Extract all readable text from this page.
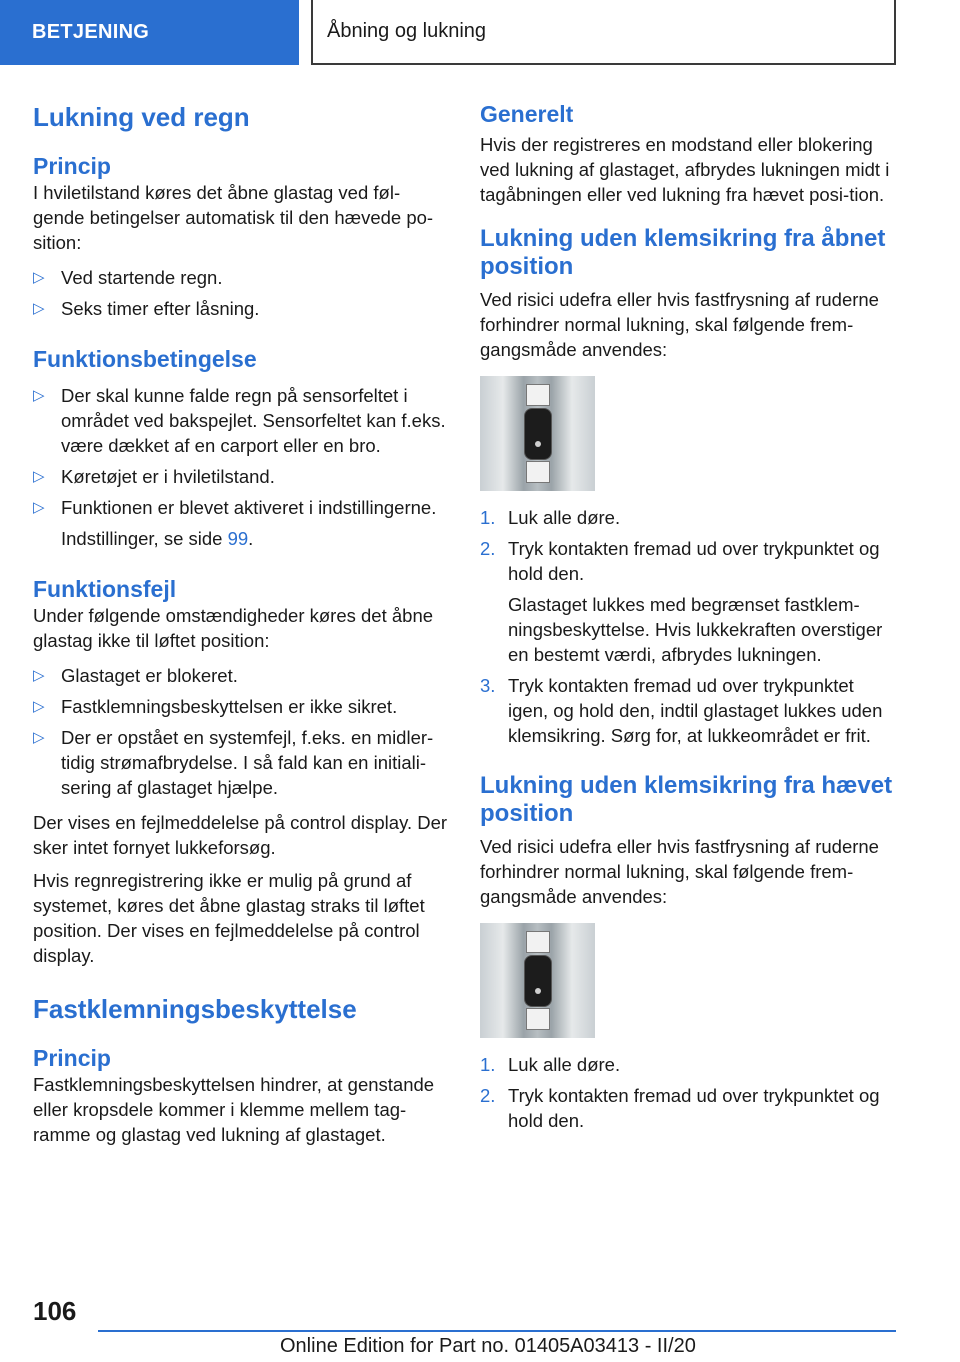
BETJENING	Åbning og lukning
Lukning ved regn
Princip

I hviletilstand køres det åbne glastag ved føl-gende betingelser automatisk til den hævede po-sition:

▷ Ved startende regn.
▷ Seks timer efter låsning.
Funktionsbetingelse
▷ Der skal kunne falde regn på sensorfeltet i området ved bakspejlet. Sensorfeltet kan f.eks. være dækket af en carport eller en bro.
▷ Køretøjet er i hviletilstand.
▷ Funktionen er blevet aktiveret i indstillingerne.
Indstillinger, se side 99.
Funktionsfejl

Under følgende omstændigheder køres det åbne glastag ikke til løftet position:

▷ Glastaget er blokeret.
▷ Fastklemningsbeskyttelsen er ikke sikret.
▷ Der er opstået en systemfejl, f.eks. en midler-tidig strømafbrydelse. I så fald kan en initiali-sering af glastaget hjælpe.

Der vises en fejlmeddelelse på control display. Der sker intet fornyet lukkeforsøg.

Hvis regnregistrering ikke er mulig på grund af systemet, køres det åbne glastag straks til løftet position. Der vises en fejlmeddelelse på control display.

Fastklemningsbeskyttelse
Princip

Fastklemningsbeskyttelsen hindrer, at genstande eller kropsdele kommer i klemme mellem tag-ramme og glastag ved lukning af glastaget.

Generelt

Hvis der registreres en modstand eller blokering ved lukning af glastaget, afbrydes lukningen midt i tagåbningen eller ved lukning fra hævet posi-tion.

Lukning uden klemsikring fra åbnet position

Ved risici udefra eller hvis fastfrysning af ruderne forhindrer normal lukning, skal følgende frem-gangsmåde anvendes:

1. Luk alle døre.
2. Tryk kontakten fremad ud over trykpunktet og hold den.
Glastaget lukkes med begrænset fastklem-ningsbeskyttelse. Hvis lukkekraften overstiger en bestemt værdi, afbrydes lukningen.
3. Tryk kontakten fremad ud over trykpunktet igen, og hold den, indtil glastaget lukkes uden klemsikring. Sørg for, at lukkeområdet er frit.
Lukning uden klemsikring fra hævet position

Ved risici udefra eller hvis fastfrysning af ruderne forhindrer normal lukning, skal følgende frem-gangsmåde anvendes:

1. Luk alle døre.
2. Tryk kontakten fremad ud over trykpunktet og hold den.
106
Online Edition for Part no. 01405A03413 - II/20
